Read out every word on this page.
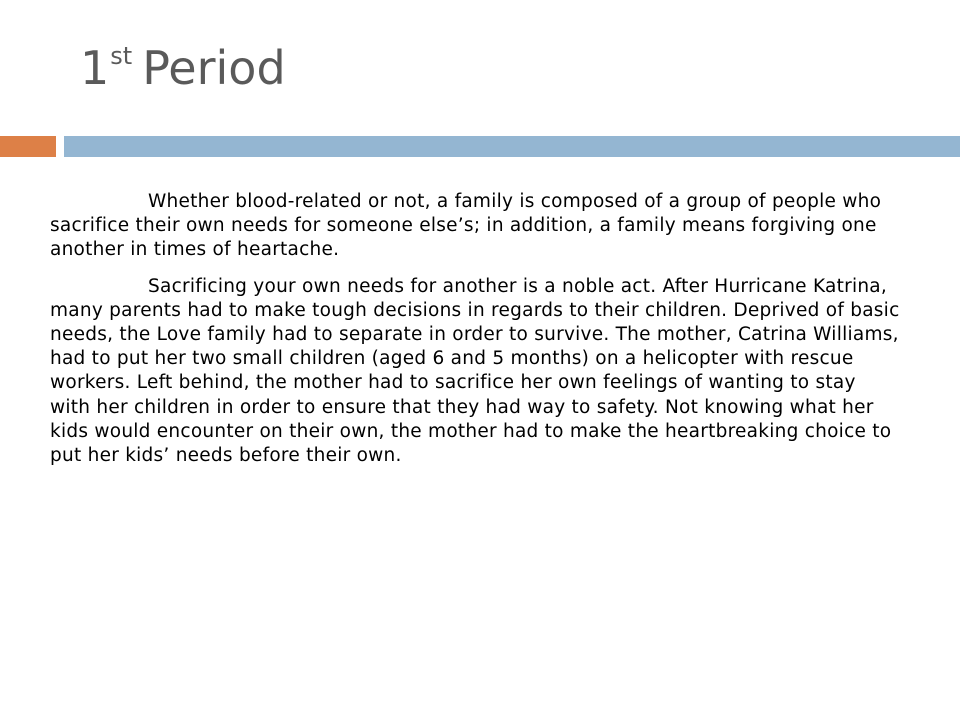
1st Period

Whether blood-related or not, a family is composed of a group of people who sacrifice their own needs for someone else’s; in addition, a family means forgiving one another in times of heartache.

Sacrificing your own needs for another is a noble act. After Hurricane Katrina, many parents had to make tough decisions in regards to their children. Deprived of basic needs, the Love family had to separate in order to survive. The mother, Catrina Williams, had to put her two small children (aged 6 and 5 months) on a helicopter with rescue workers. Left behind, the mother had to sacrifice her own feelings of wanting to stay with her children in order to ensure that they had way to safety. Not knowing what her kids would encounter on their own, the mother had to make the heartbreaking choice to put her kids’ needs before their own.
